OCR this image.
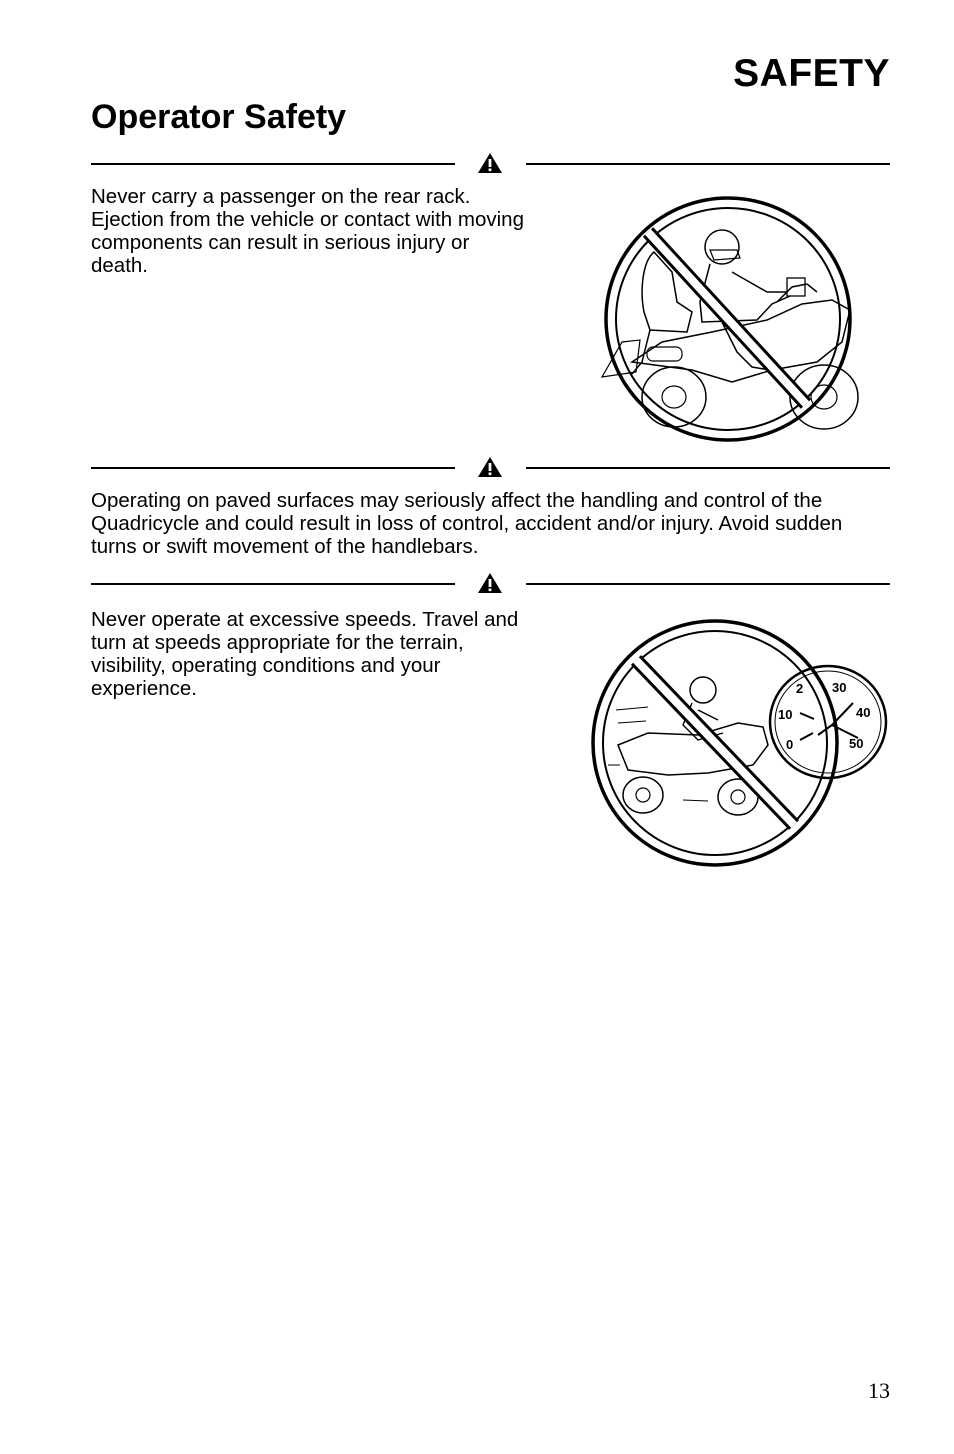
SAFETY
Operator Safety

Never carry a passenger on the rear rack. Ejection from the vehicle or contact with moving components can result in serious injury or death.

Operating on paved surfaces may seriously affect the handling and control of the Quadricycle and could result in loss of control, accident and/or injury. Avoid sudden turns or swift movement of the handlebars.

Never operate at excessive speeds. Travel and turn at speeds appropriate for the terrain, visibility, operating conditions and your experience.

0
10
2 30
40
50
13
